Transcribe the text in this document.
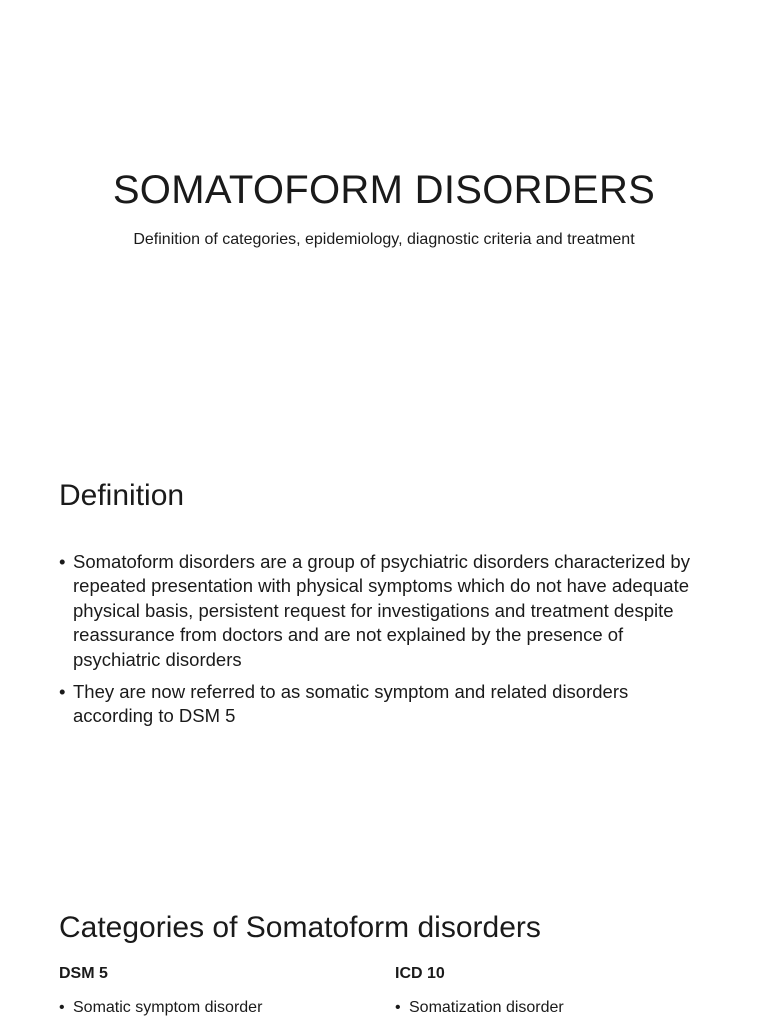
SOMATOFORM DISORDERS
Definition of categories, epidemiology, diagnostic criteria and treatment
Definition
• Somatoform disorders are a group of psychiatric disorders characterized by repeated presentation with physical symptoms which do not have adequate physical basis, persistent request for investigations and treatment despite reassurance from doctors and are not explained by the presence of psychiatric disorders
• They are now referred to as somatic symptom and related disorders according to DSM 5
Categories of Somatoform disorders
DSM 5	ICD 10
• Somatic symptom disorder	• Somatization disorder
